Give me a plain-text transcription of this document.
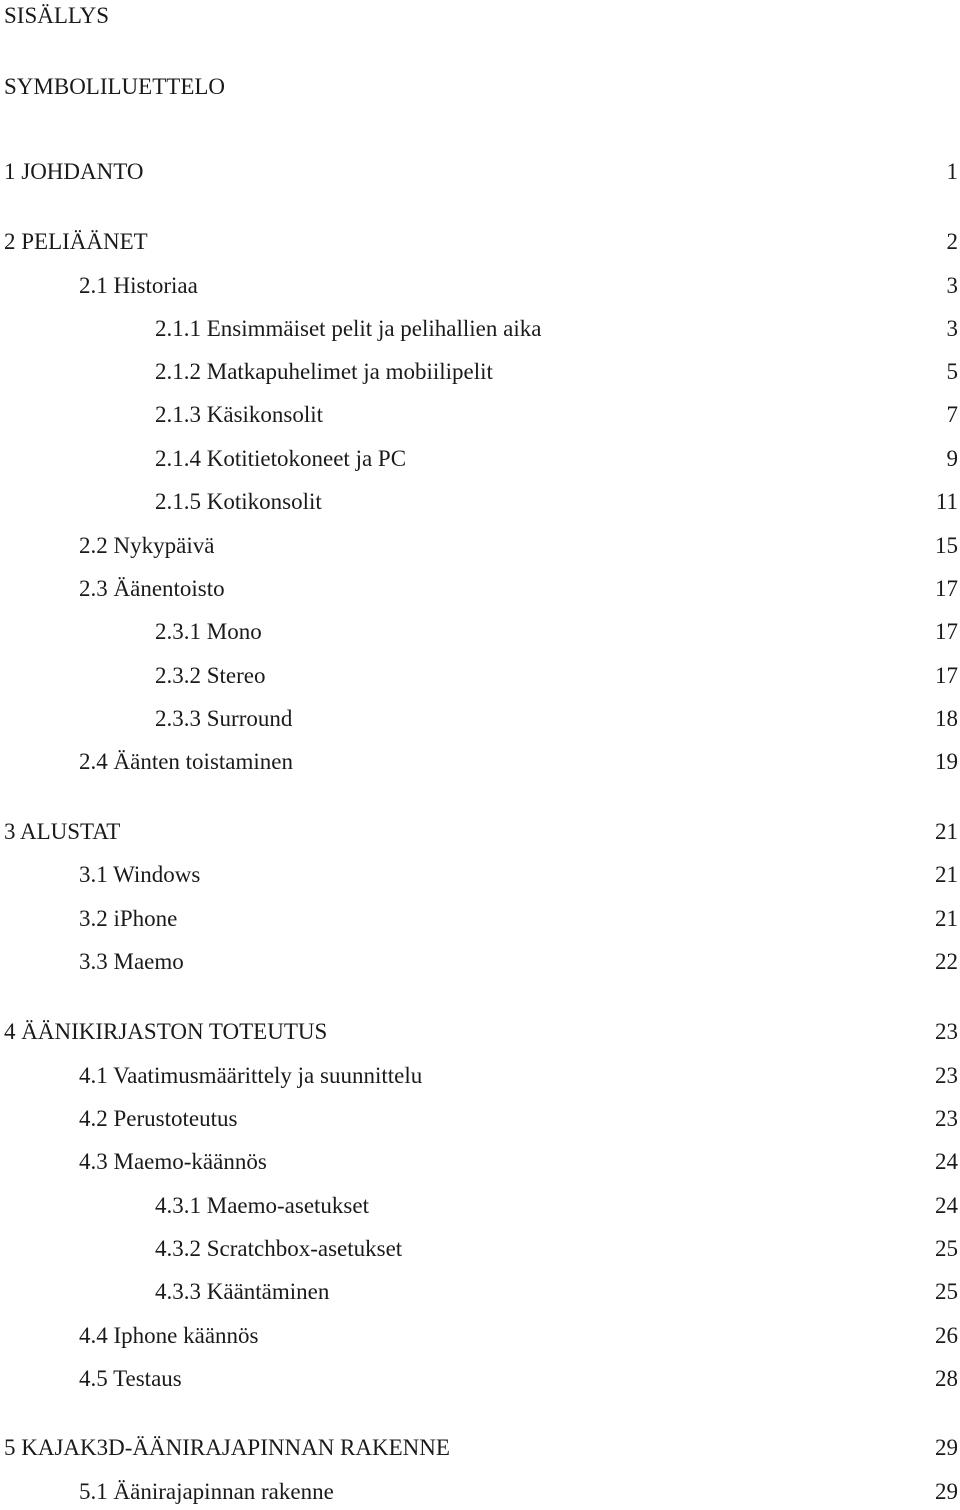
SISÄLLYS
SYMBOLILUETTELO
1 JOHDANTO	1
2 PELIÄÄNET	2
2.1 Historiaa	3
2.1.1 Ensimmäiset pelit ja pelihallien aika	3
2.1.2 Matkapuhelimet ja mobiilipelit	5
2.1.3 Käsikonsolit	7
2.1.4 Kotitietokoneet ja PC	9
2.1.5 Kotikonsolit	11
2.2 Nykypäivä	15
2.3 Äänentoisto	17
2.3.1 Mono	17
2.3.2 Stereo	17
2.3.3 Surround	18
2.4 Äänten toistaminen	19
3 ALUSTAT	21
3.1 Windows	21
3.2 iPhone	21
3.3 Maemo	22
4 ÄÄNIKIRJASTON TOTEUTUS	23
4.1 Vaatimusmäärittely ja suunnittelu	23
4.2 Perustoteutus	23
4.3 Maemo-käännös	24
4.3.1 Maemo-asetukset	24
4.3.2 Scratchbox-asetukset	25
4.3.3 Kääntäminen	25
4.4 Iphone käännös	26
4.5 Testaus	28
5 KAJAK3D-ÄÄNIRAJAPINNAN RAKENNE	29
5.1 Äänirajapinnan rakenne	29
